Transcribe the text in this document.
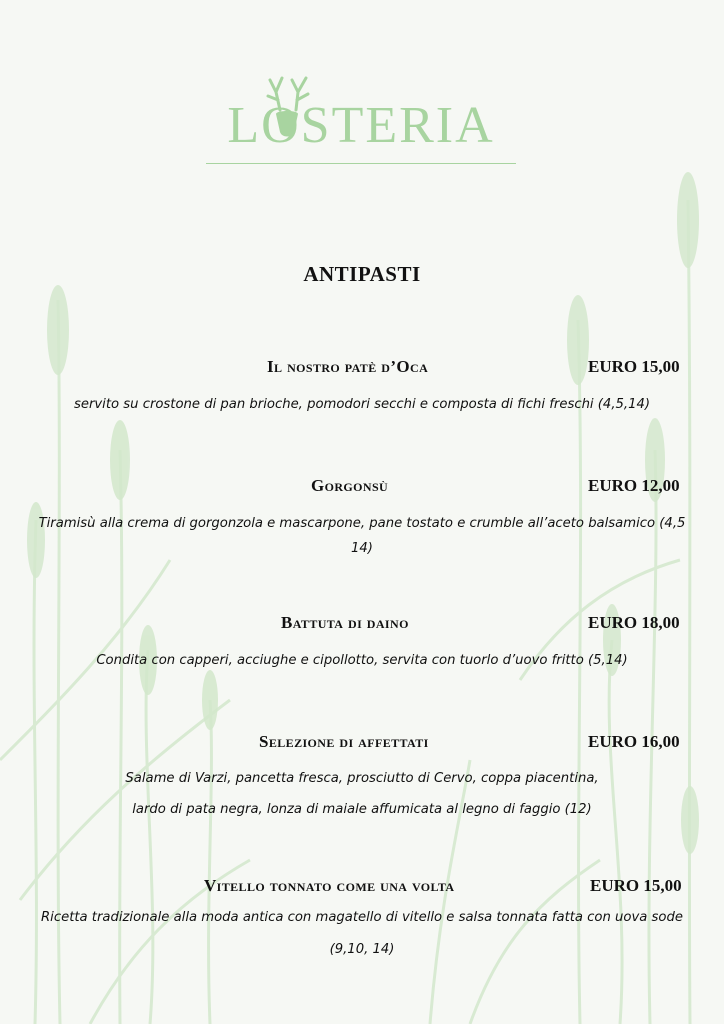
LOSTERIA
ANTIPASTI
Il nostro patè d’Oca	EURO 15,00
servito su crostone di pan brioche, pomodori secchi e composta di fichi freschi (4,5,14)
Gorgonsù	EURO 12,00
Tiramisù alla crema di gorgonzola e mascarpone, pane tostato e crumble all’aceto balsamico (4,5
14)
Battuta di daino	EURO 18,00
Condita con capperi, acciughe e cipollotto, servita con tuorlo d’uovo fritto (5,14)
Selezione di affettati	EURO 16,00
Salame di Varzi, pancetta fresca, prosciutto di Cervo, coppa piacentina,
lardo di pata negra, lonza di maiale affumicata al legno di faggio (12)
Vitello tonnato come una volta	EURO 15,00
Ricetta tradizionale alla moda antica con magatello di vitello e salsa tonnata fatta con uova sode
(9,10, 14)
